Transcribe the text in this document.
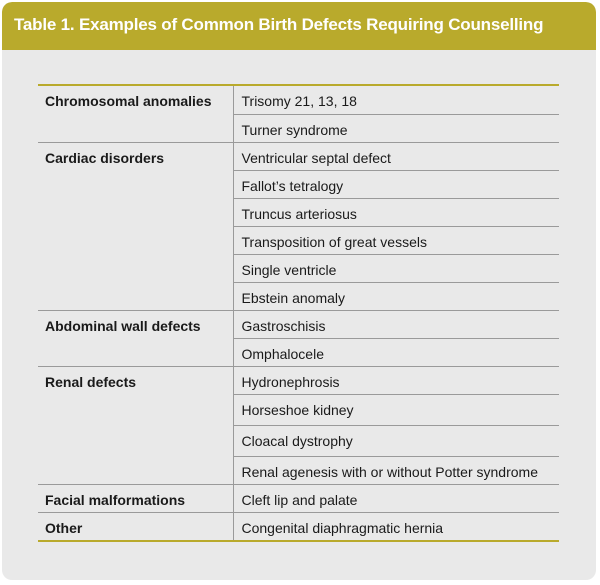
Table 1. Examples of Common Birth Defects Requiring Counselling
Chromosomal anomalies	Trisomy 21, 13, 18
	Turner syndrome
Cardiac disorders	Ventricular septal defect
	Fallot’s tetralogy
	Truncus arteriosus
	Transposition of great vessels
	Single ventricle
	Ebstein anomaly
Abdominal wall defects	Gastroschisis
	Omphalocele
Renal defects	Hydronephrosis
	Horseshoe kidney
	Cloacal dystrophy
	Renal agenesis with or without Potter syndrome
Facial malformations	Cleft lip and palate
Other	Congenital diaphragmatic hernia
